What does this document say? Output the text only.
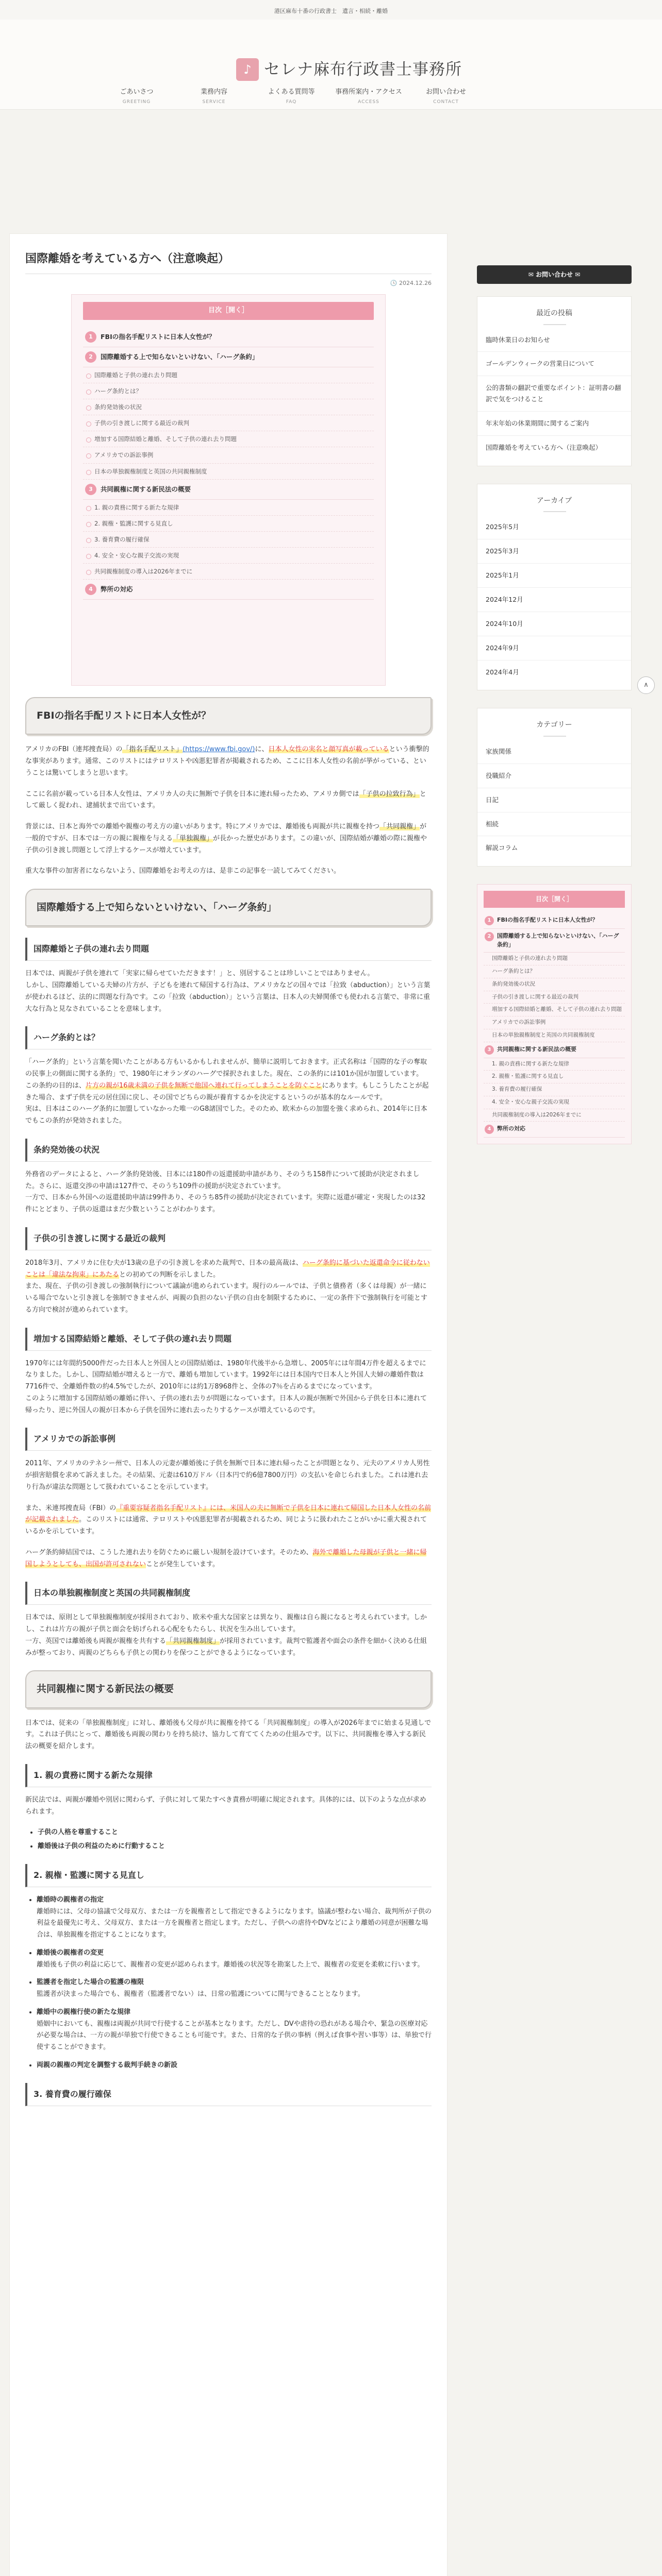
港区麻布十番の行政書士　遺言・相続・離婚
♪ セレナ麻布行政書士事務所
ごあいさつ
GREETING
業務内容
SERVICE
よくある質問等
FAQ
事務所案内・アクセス
ACCESS
お問い合わせ
CONTACT
国際離婚を考えている方へ（注意喚起）
🕓 2024.12.26
目次［開く］
1	FBIの指名手配リストに日本人女性が？
2	国際離婚する上で知らないといけない、「ハーグ条約」
国際離婚と子供の連れ去り問題
ハーグ条約とは？
条約発効後の状況
子供の引き渡しに関する最近の裁判
増加する国際結婚と離婚、そして子供の連れ去り問題
アメリカでの訴訟事例
日本の単独親権制度と英国の共同親権制度
3	共同親権に関する新民法の概要
1. 親の責務に関する新たな規律
2. 親権・監護に関する見直し
3. 養育費の履行確保
4. 安全・安心な親子交流の実現
共同親権制度の導入は2026年までに
4	弊所の対応
FBIの指名手配リストに日本人女性が？

アメリカのFBI（連邦捜査局）の「指名手配リスト」(https://www.fbi.gov/)に、日本人女性の実名と顔写真が載っているという衝撃的な事実があります。通常、このリストにはテロリストや凶悪犯罪者が掲載されるため、ここに日本人女性の名前が挙がっている、ということは驚いてしまうと思います。

ここに名前が載っている日本人女性は、アメリカ人の夫に無断で子供を日本に連れ帰ったため、アメリカ側では「子供の拉致行為」として厳しく捉われ、逮捕状まで出ています。

背景には、日本と海外での離婚や親権の考え方の違いがあります。特にアメリカでは、離婚後も両親が共に親権を持つ「共同親権」が一般的ですが、日本では一方の親に親権を与える「単独親権」が長かった歴史があります。この違いが、国際結婚が離婚の際に親権や子供の引き渡し問題として浮上するケースが増えています。

重大な事件の加害者にならないよう、国際離婚をお考えの方は、是非この記事を一読してみてください。

国際離婚する上で知らないといけない、「ハーグ条約」
国際離婚と子供の連れ去り問題

日本では、両親が子供を連れて「実家に帰らせていただきます！」と、別居することは珍しいことではありません。
しかし、国際離婚している夫婦の片方が、子どもを連れて帰国する行為は、アメリカなどの国々では「拉致（abduction）」という言葉が使われるほど、法的に問題な行為です。この「拉致（abduction）」という言葉は、日本人の夫婦関係でも使われる言葉で、非常に重大な行為と見なされていることを意味します。

ハーグ条約とは？

「ハーグ条約」という言葉を聞いたことがある方もいるかもしれませんが、簡単に説明しておきます。正式名称は「国際的な子の奪取の民事上の側面に関する条約」で、1980年にオランダのハーグで採択されました。現在、この条約には101か国が加盟しています。
この条約の目的は、片方の親が16歳未満の子供を無断で他国へ連れて行ってしまうことを防ぐことにあります。もしこうしたことが起きた場合、まず子供を元の居住国に戻し、その国でどちらの親が養育するかを決定するというのが基本的なルールです。
実は、日本はこのハーグ条約に加盟していなかった唯一のG8諸国でした。そのため、欧米からの加盟を強く求められ、2014年に日本でもこの条約が発効されました。

条約発効後の状況

外務省のデータによると、ハーグ条約発効後、日本には180件の返還援助申請があり、そのうち158件について援助が決定されました。さらに、返還交渉の申請は127件で、そのうち109件の援助が決定されています。
一方で、日本から外国への返還援助申請は99件あり、そのうち85件の援助が決定されています。実際に返還が確定・実現したのは32件にとどまり、子供の返還はまだ少数ということがわかります。

子供の引き渡しに関する最近の裁判

2018年3月、アメリカに住む夫が13歳の息子の引き渡しを求めた裁判で、日本の最高裁は、ハーグ条約に基づいた返還命令に従わないことは「違法な拘束」にあたるとの初めての判断を示しました。
また、現在、子供の引き渡しの強制執行について議論が進められています。現行のルールでは、子供と債務者（多くは母親）が一緒にいる場合でないと引き渡しを強制できませんが、両親の負担のない子供の自由を制限するために、一定の条件下で強制執行を可能とする方向で検討が進められています。

増加する国際結婚と離婚、そして子供の連れ去り問題

1970年には年間約5000件だった日本人と外国人との国際結婚は、1980年代後半から急増し、2005年には年間4万件を超えるまでになりました。しかし、国際結婚が増えると一方で、離婚も増加しています。1992年には日本国内で日本人と外国人夫婦の離婚件数は7716件で、全離婚件数の約4.5%でしたが、2010年には約1万8968件と、全体の7％を占めるまでになっています。
このように増加する国際結婚の離婚に伴い、子供の連れ去りが問題になっています。日本人の親が無断で外国から子供を日本に連れて帰ったり、逆に外国人の親が日本から子供を国外に連れ去ったりするケースが増えているのです。

アメリカでの訴訟事例

2011年、アメリカのテネシー州で、日本人の元妻が離婚後に子供を無断で日本に連れ帰ったことが問題となり、元夫のアメリカ人男性が損害賠償を求めて訴えました。その結果、元妻は610万ドル（日本円で約6億7800万円）の支払いを命じられました。これは連れ去り行為が違法な問題として扱われていることを示しています。

また、米連邦捜査局（FBI）の『重要容疑者指名手配リスト』には、米国人の夫に無断で子供を日本に連れて帰国した日本人女性の名前が記載されました。このリストには通常、テロリストや凶悪犯罪者が掲載されるため、同じように扱われたことがいかに重大視されているかを示しています。

ハーグ条約締結国では、こうした連れ去りを防ぐために厳しい規制を設けています。そのため、海外で離婚した母親が子供と一緒に帰国しようとしても、出国が許可されないことが発生しています。

日本の単独親権制度と英国の共同親権制度

日本では、原則として単独親権制度が採用されており、欧米や重大な国家とは異なり、親権は自ら親になると考えられています。しかし、これは片方の親が子供と面会を妨げられる心配をもたらし、状況を生み出しています。
一方、英国では離婚後も両親が親権を共有する「共同親権制度」が採用されています。裁判で監護者や面会の条件を細かく決める仕組みが整っており、両親のどちらも子供との関わりを保つことができるようになっています。

共同親権に関する新民法の概要

日本では、従来の「単独親権制度」に対し、離婚後も父母が共に親権を持てる「共同親権制度」の導入が2026年までに始まる見通しです。これは子供にとって、離婚後も両親の関わりを持ち続け、協力して育ててくための仕組みです。以下に、共同親権を導入する新民法の概要を紹介します。

1. 親の責務に関する新たな規律

新民法では、両親が離婚や別居に関わらず、子供に対して果たすべき責務が明確に規定されます。具体的には、以下のような点が求められます。

• 子供の人格を尊重すること
• 離婚後は子供の利益のために行動すること
2. 親権・監護に関する見直し
• 離婚時の親権者の指定
離婚時には、父母の協議で父母双方、または一方を親権者として指定できるようになります。協議が整わない場合、裁判所が子供の利益を最優先に考え、父母双方、または一方を親権者と指定します。ただし、子供への虐待やDVなどにより離婚の同意が困難な場合は、単独親権を指定することになります。
• 離婚後の親権者の変更
離婚後も子供の利益に応じて、親権者の変更が認められます。離婚後の状況等を勘案した上で、親権者の変更を柔軟に行います。
• 監護者を指定した場合の監護の権限
監護者が決まった場合でも、親権者（監護者でない）は、日常の監護についてに関与できることとなります。
• 離婚中の親権行使の新たな規律
婚姻中においても、親権は両親が共同で行使することが基本となります。ただし、DVや虐待の恐れがある場合や、緊急の医療対応が必要な場合は、一方の親が単独で行使できることも可能です。また、日常的な子供の事柄（例えば食事や習い事等）は、単独で行使することができます。
• 両親の親権の判定を調整する裁判手続きの新設
3. 養育費の履行確保
✉ お問い合わせ ✉
最近の投稿
臨時休業日のお知らせ
ゴールデンウィークの営業日について
公的書類の翻訳で重要なポイント：証明書の翻訳で気をつけること
年末年始の休業期間に関するご案内
国際離婚を考えている方へ（注意喚起）
アーカイブ
2025年5月
2025年3月
2025年1月
2024年12月
2024年10月
2024年9月
2024年4月
カテゴリー
家族関係
役職紹介
日記
相続
解説コラム
目次［開く］
1	FBIの指名手配リストに日本人女性が？
2	国際離婚する上で知らないといけない、「ハーグ条約」
国際離婚と子供の連れ去り問題
ハーグ条約とは？
条約発効後の状況
子供の引き渡しに関する最近の裁判
増加する国際結婚と離婚、そして子供の連れ去り問題
アメリカでの訴訟事例
日本の単独親権制度と英国の共同親権制度
3	共同親権に関する新民法の概要
1. 親の責務に関する新たな規律
2. 親権・監護に関する見直し
3. 養育費の履行確保
4. 安全・安心な親子交流の実現
共同親権制度の導入は2026年までに
4	弊所の対応
∧
